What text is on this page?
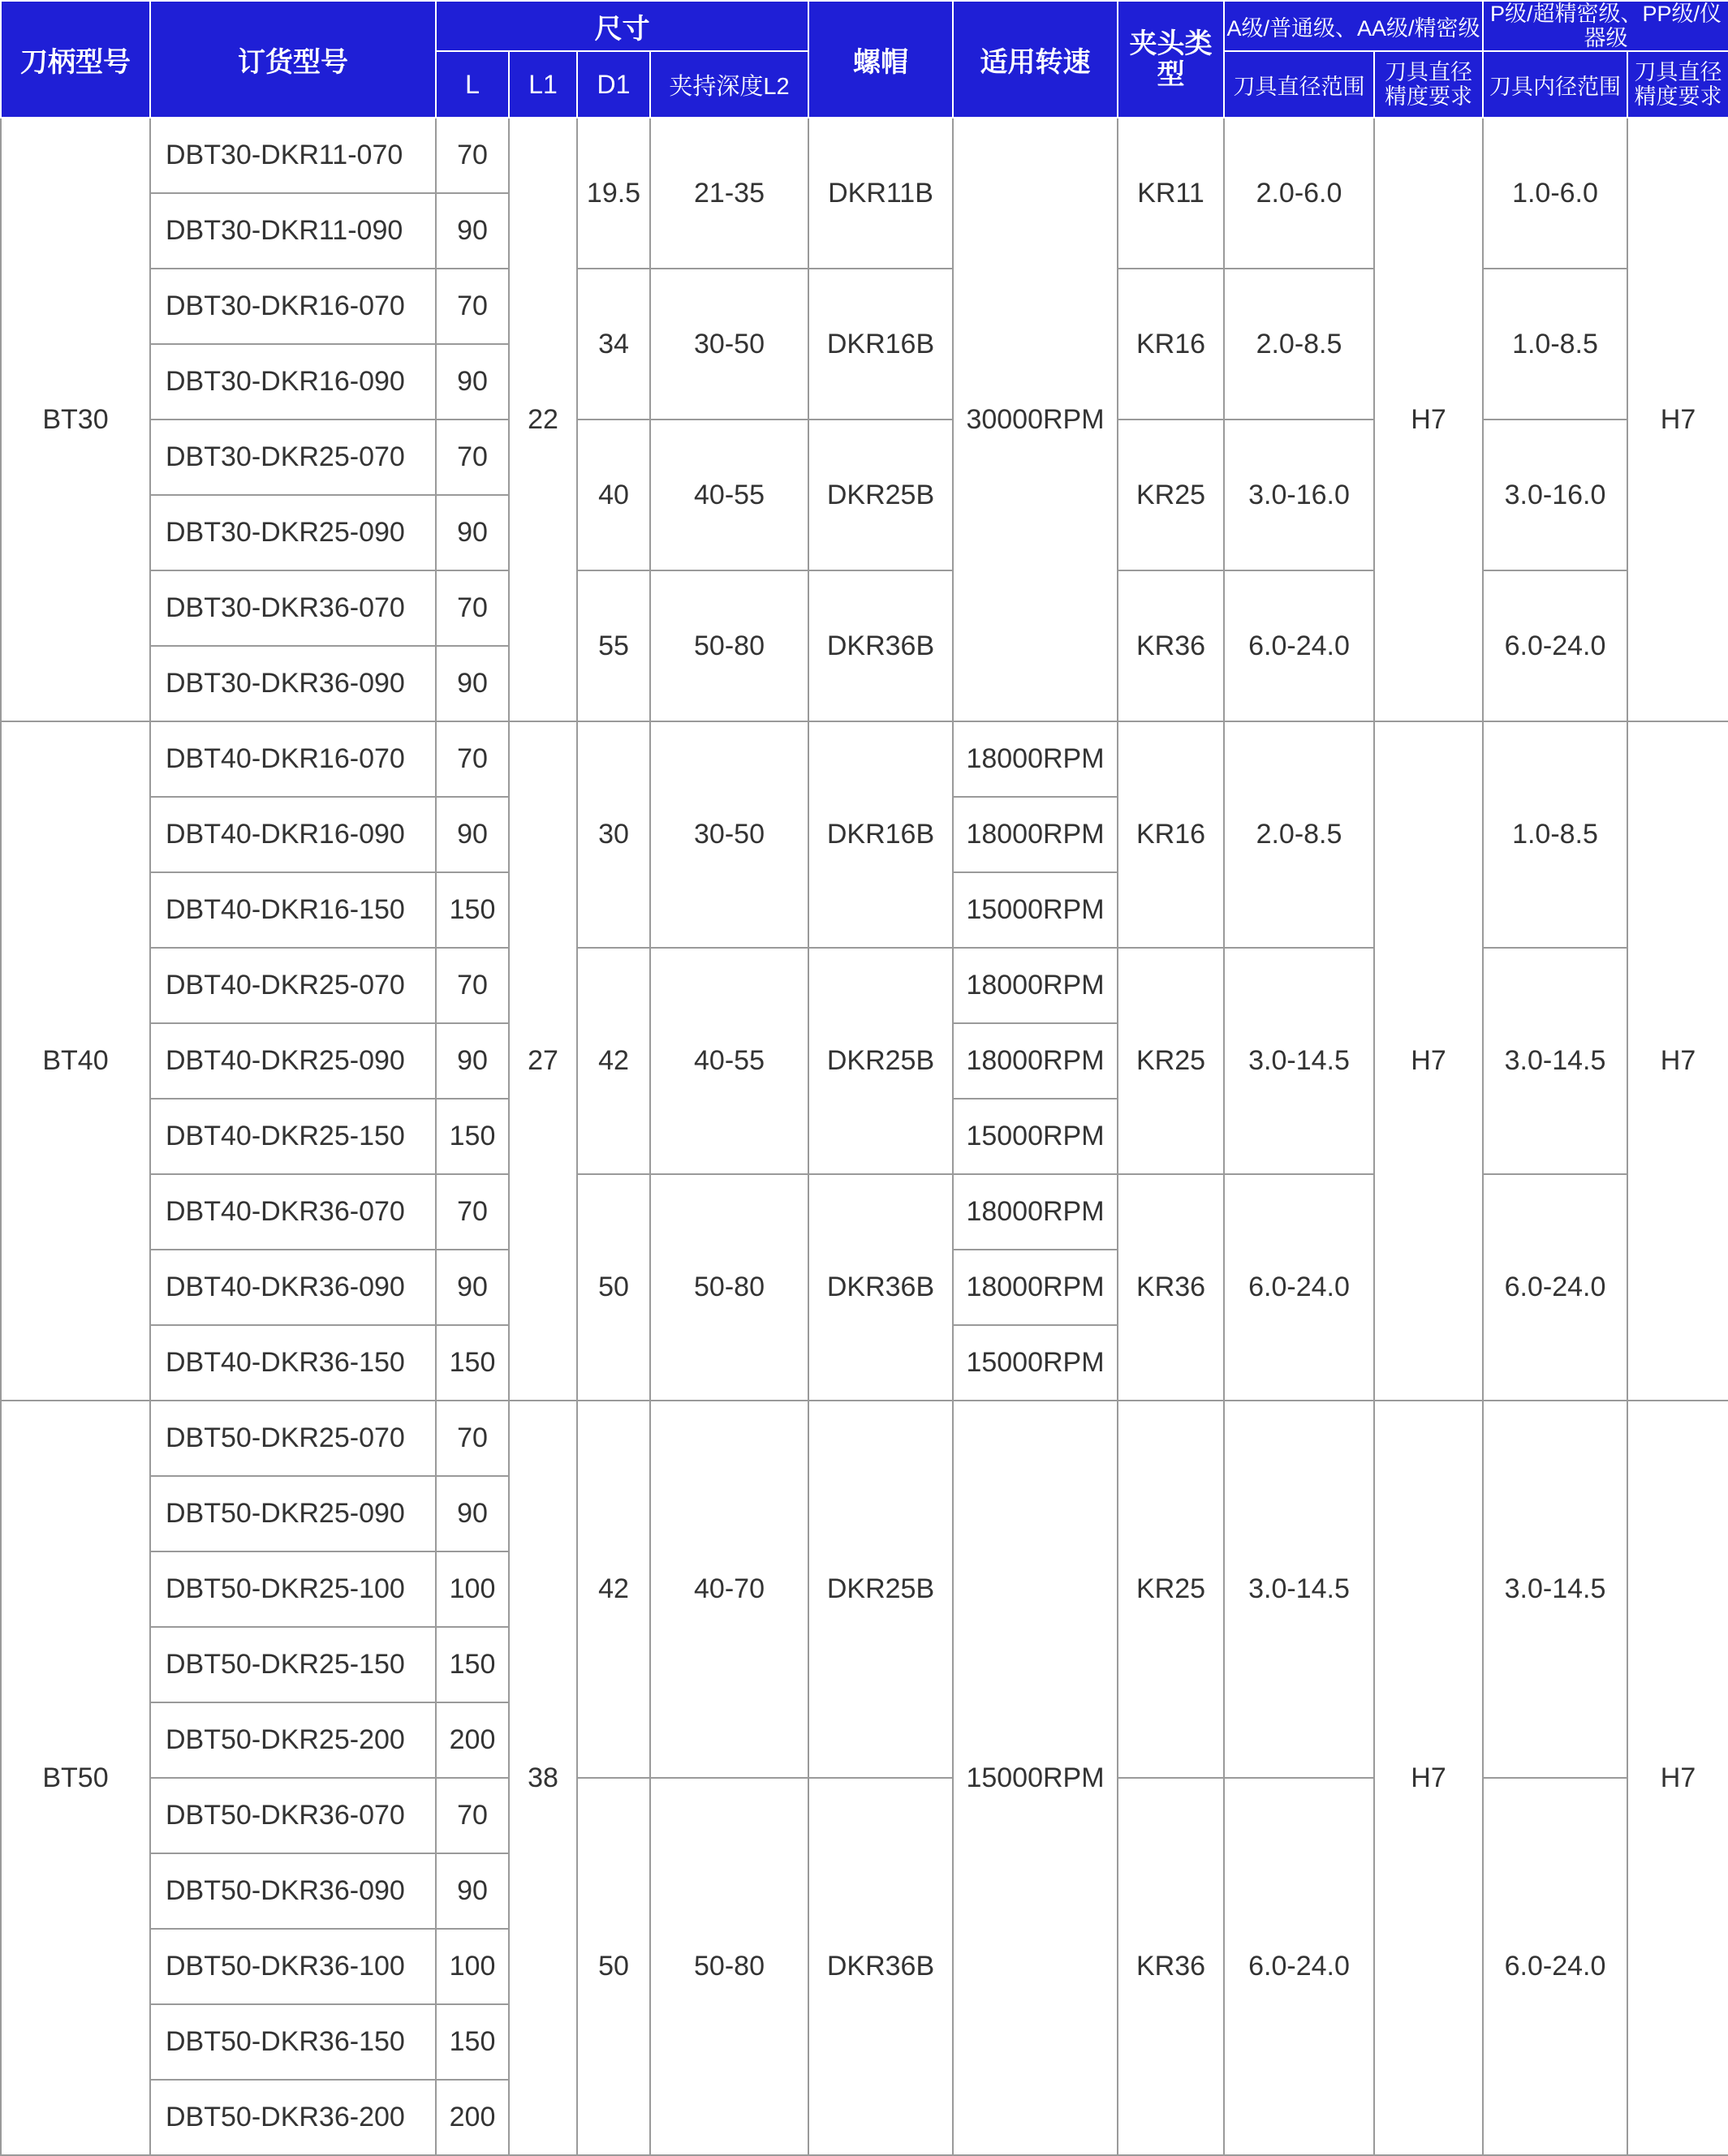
刀柄型号	订货型号	尺寸				螺帽	适用转速	夹头类型	A级/普通级、AA级/精密级		P级/超精密级、PP级/仪器级	
		L	L1	D1	夹持深度L2				刀具直径范围	刀具直径精度要求	刀具内径范围	刀具直径精度要求
BT30	DBT30-DKR11-070	70	22	19.5	21-35	DKR11B	30000RPM	KR11	2.0-6.0	H7	1.0-6.0	H7
	DBT30-DKR11-090	90										
	DBT30-DKR16-070	70		34	30-50	DKR16B		KR16	2.0-8.5		1.0-8.5	
	DBT30-DKR16-090	90										
	DBT30-DKR25-070	70		40	40-55	DKR25B		KR25	3.0-16.0		3.0-16.0	
	DBT30-DKR25-090	90										
	DBT30-DKR36-070	70		55	50-80	DKR36B		KR36	6.0-24.0		6.0-24.0	
	DBT30-DKR36-090	90										
BT40	DBT40-DKR16-070	70	27	30	30-50	DKR16B	18000RPM	KR16	2.0-8.5	H7	1.0-8.5	H7
	DBT40-DKR16-090	90					18000RPM					
	DBT40-DKR16-150	150					15000RPM					
	DBT40-DKR25-070	70		42	40-55	DKR25B	18000RPM	KR25	3.0-14.5		3.0-14.5	
	DBT40-DKR25-090	90					18000RPM					
	DBT40-DKR25-150	150					15000RPM					
	DBT40-DKR36-070	70		50	50-80	DKR36B	18000RPM	KR36	6.0-24.0		6.0-24.0	
	DBT40-DKR36-090	90					18000RPM					
	DBT40-DKR36-150	150					15000RPM					
BT50	DBT50-DKR25-070	70	38	42	40-70	DKR25B	15000RPM	KR25	3.0-14.5	H7	3.0-14.5	H7
	DBT50-DKR25-090	90										
	DBT50-DKR25-100	100										
	DBT50-DKR25-150	150										
	DBT50-DKR25-200	200										
	DBT50-DKR36-070	70		50	50-80	DKR36B		KR36	6.0-24.0		6.0-24.0	
	DBT50-DKR36-090	90										
	DBT50-DKR36-100	100										
	DBT50-DKR36-150	150										
	DBT50-DKR36-200	200										
